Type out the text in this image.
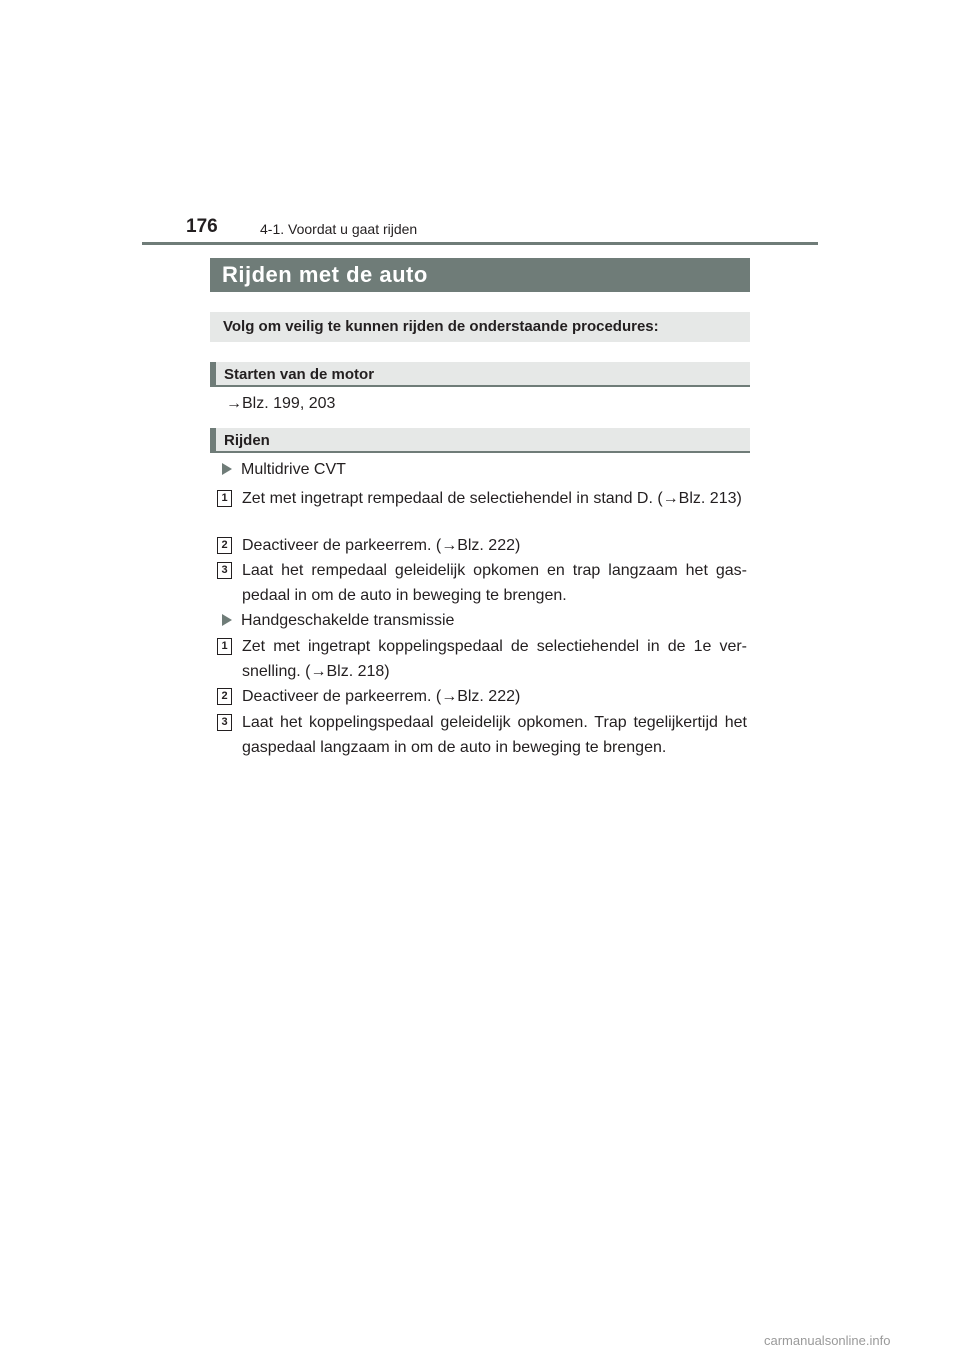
176	4-1. Voordat u gaat rijden
Rijden met de auto
Volg om veilig te kunnen rijden de onderstaande procedures:
Starten van de motor
→Blz. 199, 203
Rijden
Multidrive CVT
1 Zet met ingetrapt rempedaal de selectiehendel in stand D. (→Blz. 213)
2 Deactiveer de parkeerrem. (→Blz. 222)
3 Laat het rempedaal geleidelijk opkomen en trap langzaam het gas-pedaal in om de auto in beweging te brengen.
Handgeschakelde transmissie
1 Zet met ingetrapt koppelingspedaal de selectiehendel in de 1e ver-snelling. (→Blz. 218)
2 Deactiveer de parkeerrem. (→Blz. 222)
3 Laat het koppelingspedaal geleidelijk opkomen. Trap tegelijkertijd het gaspedaal langzaam in om de auto in beweging te brengen.
carmanualsonline.info
